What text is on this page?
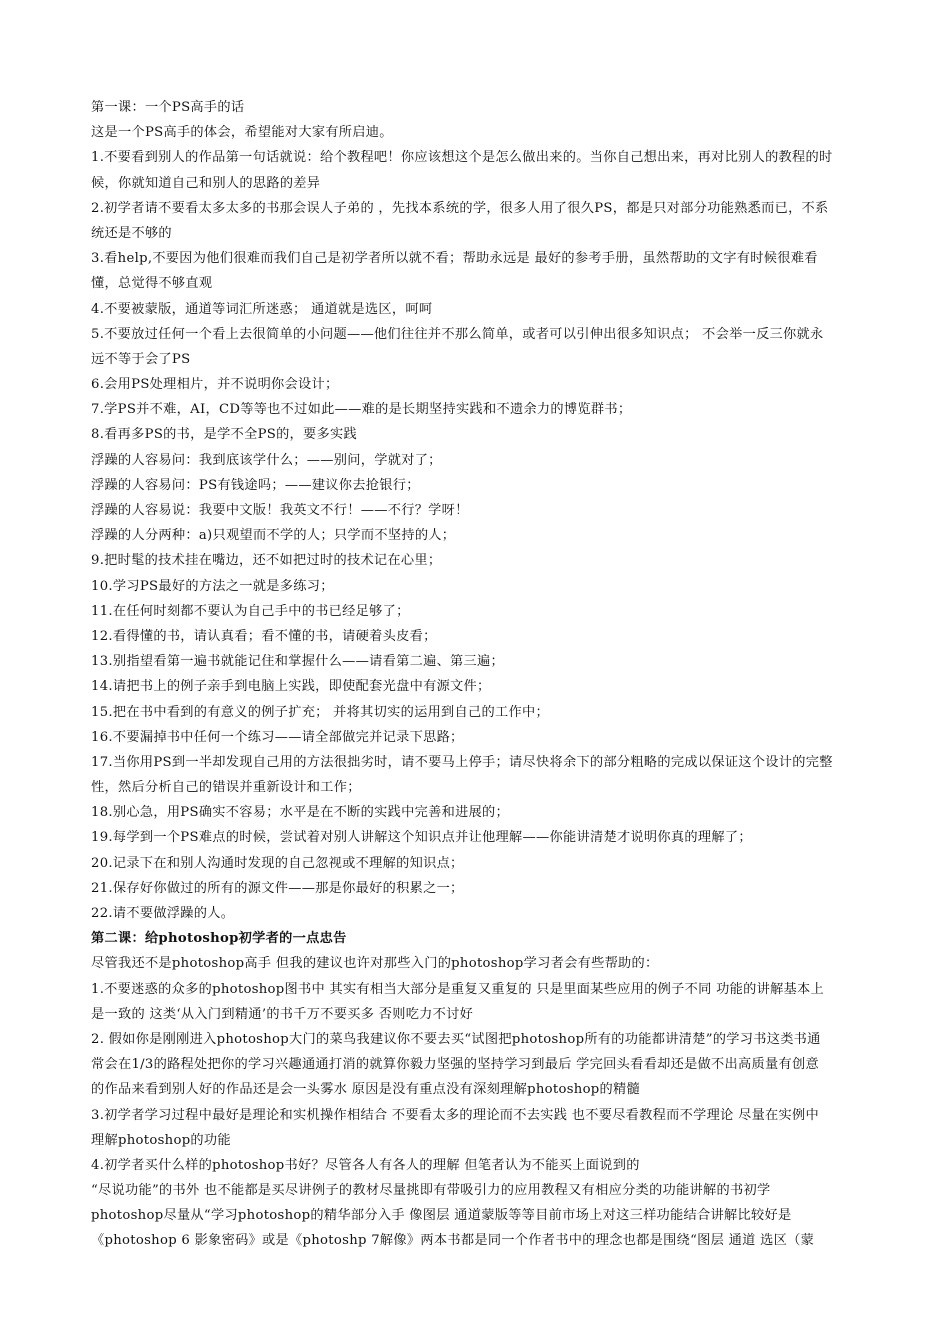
第一课：一个PS高手的话
这是一个PS高手的体会，希望能对大家有所启迪。
1.不要看到别人的作品第一句话就说：给个教程吧！你应该想这个是怎么做出来的。当你自己想出来，再对比别人的教程的时
候，你就知道自己和别人的思路的差异
2.初学者请不要看太多太多的书那会误人子弟的 ，先找本系统的学，很多人用了很久PS，都是只对部分功能熟悉而已，不系
统还是不够的
3.看help,不要因为他们很难而我们自己是初学者所以就不看；帮助永远是 最好的参考手册，虽然帮助的文字有时候很难看
懂，总觉得不够直观
4.不要被蒙版，通道等词汇所迷惑； 通道就是选区，呵呵
5.不要放过任何一个看上去很简单的小问题——他们往往并不那么简单，或者可以引伸出很多知识点； 不会举一反三你就永
远不等于会了PS
6.会用PS处理相片，并不说明你会设计；
7.学PS并不难，AI，CD等等也不过如此——难的是长期坚持实践和不遗余力的博览群书；
8.看再多PS的书，是学不全PS的，要多实践
浮躁的人容易问：我到底该学什么；——别问，学就对了；
浮躁的人容易问：PS有钱途吗；——建议你去抢银行；
浮躁的人容易说：我要中文版！我英文不行！——不行？学呀！
浮躁的人分两种：a)只观望而不学的人；只学而不坚持的人；
9.把时髦的技术挂在嘴边，还不如把过时的技术记在心里；
10.学习PS最好的方法之一就是多练习；
11.在任何时刻都不要认为自己手中的书已经足够了；
12.看得懂的书，请认真看；看不懂的书，请硬着头皮看；
13.别指望看第一遍书就能记住和掌握什么——请看第二遍、第三遍；
14.请把书上的例子亲手到电脑上实践，即使配套光盘中有源文件；
15.把在书中看到的有意义的例子扩充； 并将其切实的运用到自己的工作中；
16.不要漏掉书中任何一个练习——请全部做完并记录下思路；
17.当你用PS到一半却发现自己用的方法很拙劣时，请不要马上停手；请尽快将余下的部分粗略的完成以保证这个设计的完整
性，然后分析自己的错误并重新设计和工作；
18.别心急，用PS确实不容易；水平是在不断的实践中完善和进展的；
19.每学到一个PS难点的时候，尝试着对别人讲解这个知识点并让他理解——你能讲清楚才说明你真的理解了；
20.记录下在和别人沟通时发现的自己忽视或不理解的知识点；
21.保存好你做过的所有的源文件——那是你最好的积累之一；
22.请不要做浮躁的人。
第二课：给photoshop初学者的一点忠告
尽管我还不是photoshop高手 但我的建议也许对那些入门的photoshop学习者会有些帮助的：
1.不要迷惑的众多的photoshop图书中 其实有相当大部分是重复又重复的 只是里面某些应用的例子不同 功能的讲解基本上
是一致的 这类‘从入门到精通’的书千万不要买多 否则吃力不讨好
2. 假如你是刚刚进入photoshop大门的菜鸟我建议你不要去买“试图把photoshop所有的功能都讲清楚”的学习书这类书通
常会在1/3的路程处把你的学习兴趣通通打消的就算你毅力坚强的坚持学习到最后 学完回头看看却还是做不出高质量有创意
的作品来看到别人好的作品还是会一头雾水 原因是没有重点没有深刻理解photoshop的精髓
3.初学者学习过程中最好是理论和实机操作相结合 不要看太多的理论而不去实践 也不要尽看教程而不学理论 尽量在实例中
理解photoshop的功能
4.初学者买什么样的photoshop书好？尽管各人有各人的理解 但笔者认为不能买上面说到的
“尽说功能”的书外 也不能都是买尽讲例子的教材尽量挑即有带吸引力的应用教程又有相应分类的功能讲解的书初学
photoshop尽量从“学习photoshop的精华部分入手 像图层 通道蒙版等等目前市场上对这三样功能结合讲解比较好是
《photoshop 6 影象密码》或是《photoshp 7解像》两本书都是同一个作者书中的理念也都是围绕“图层 通道 选区（蒙
